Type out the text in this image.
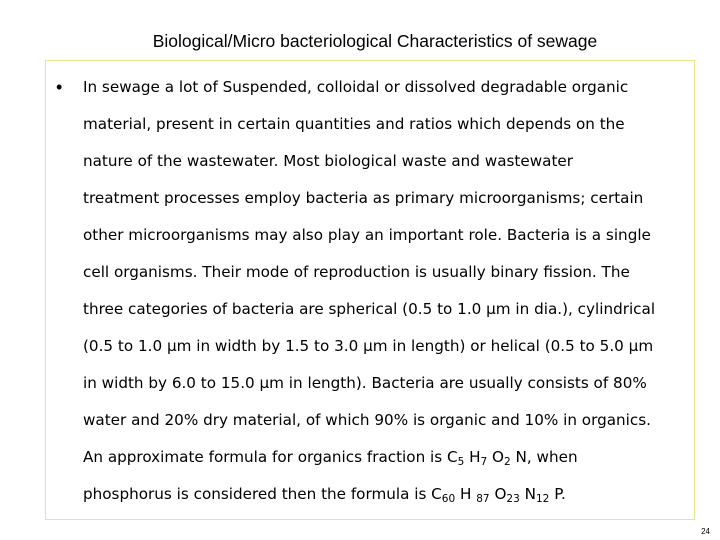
Biological/Micro bacteriological Characteristics of sewage
• In sewage a lot of Suspended, colloidal or dissolved degradable organic
material, present in certain quantities and ratios which depends on the
nature of the wastewater. Most biological waste and wastewater
treatment processes employ bacteria as primary microorganisms; certain
other microorganisms may also play an important role. Bacteria is a single
cell organisms. Their mode of reproduction is usually binary fission. The
three categories of bacteria are spherical (0.5 to 1.0 µm in dia.), cylindrical
(0.5 to 1.0 µm in width by 1.5 to 3.0 µm in length) or helical (0.5 to 5.0 µm
in width by 6.0 to 15.0 µm in length). Bacteria are usually consists of 80%
water and 20% dry material, of which 90% is organic and 10% in organics.
An approximate formula for organics fraction is $C_5$ $H_7$ $O_2$ N, when
phosphorus is considered then the formula is $C_{60}$ H $_{87}$ $O_{23}$ $N_{12}$ P.
24
